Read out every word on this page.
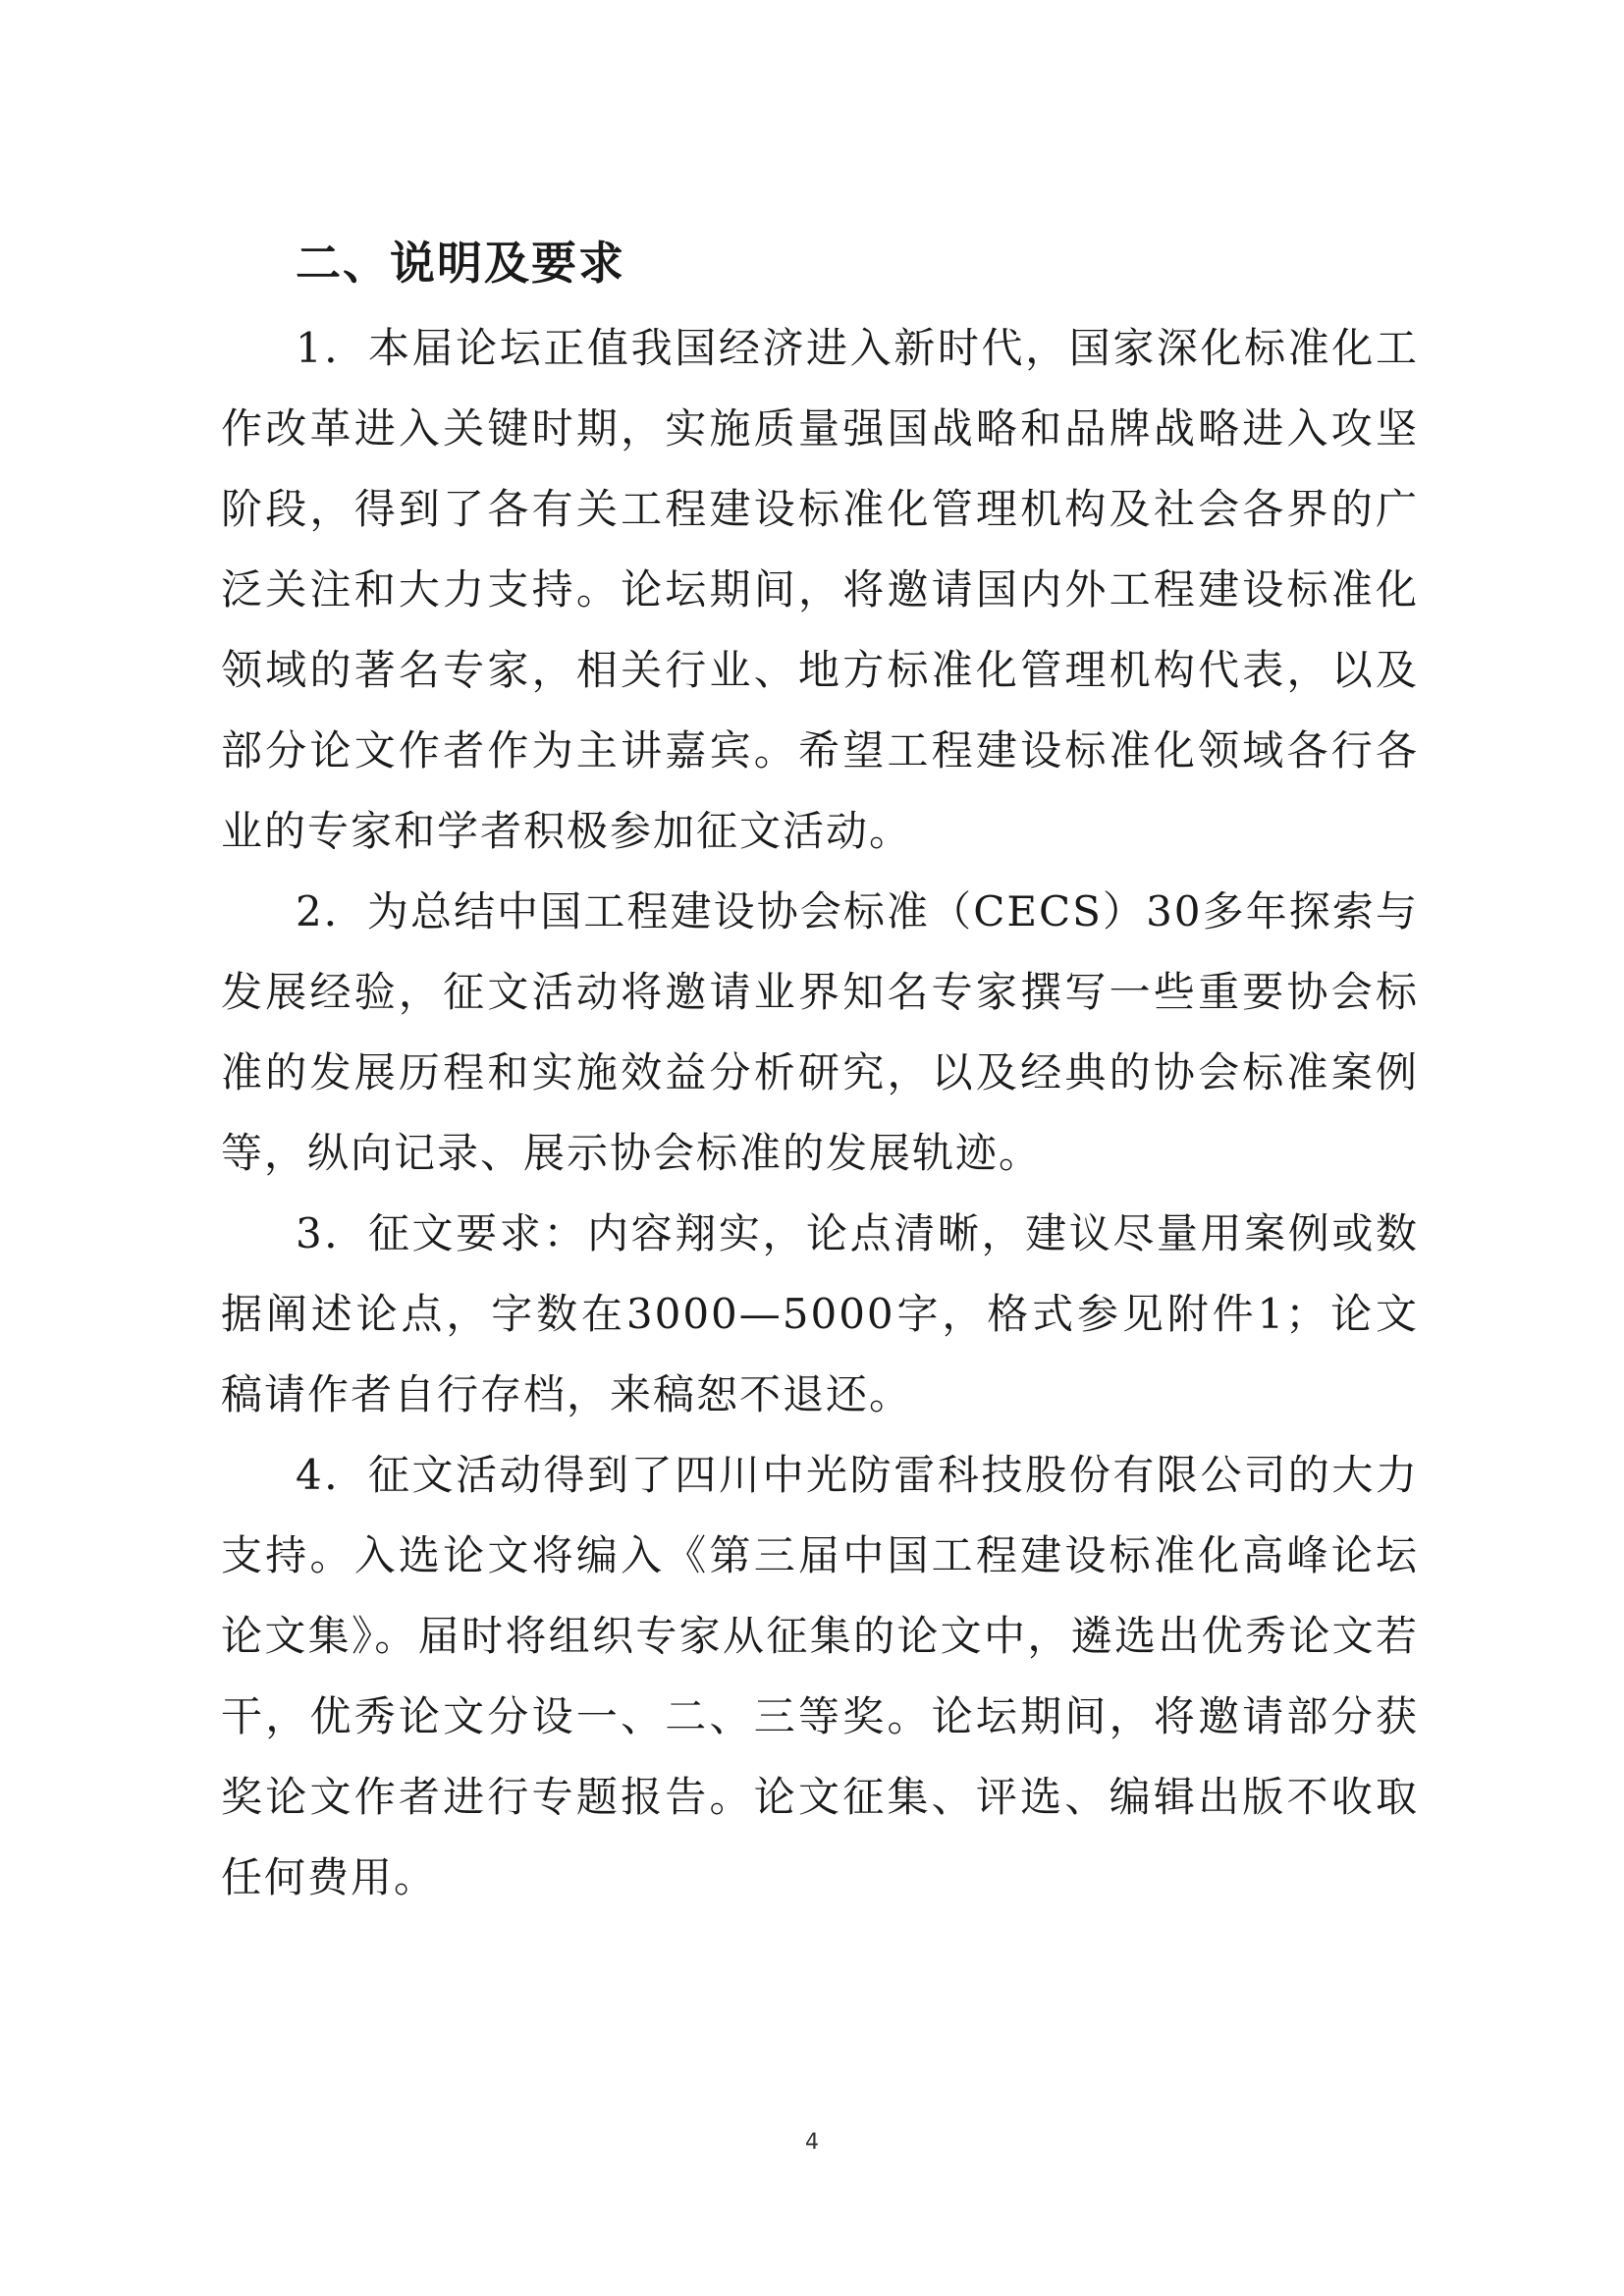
二、说明及要求

1．本届论坛正值我国经济进入新时代，国家深化标准化工作改革进入关键时期，实施质量强国战略和品牌战略进入攻坚阶段，得到了各有关工程建设标准化管理机构及社会各界的广泛关注和大力支持。论坛期间，将邀请国内外工程建设标准化领域的著名专家，相关行业、地方标准化管理机构代表，以及部分论文作者作为主讲嘉宾。希望工程建设标准化领域各行各业的专家和学者积极参加征文活动。

2．为总结中国工程建设协会标准（CECS）30多年探索与发展经验，征文活动将邀请业界知名专家撰写一些重要协会标准的发展历程和实施效益分析研究，以及经典的协会标准案例等，纵向记录、展示协会标准的发展轨迹。

3．征文要求：内容翔实，论点清晰，建议尽量用案例或数据阐述论点，字数在3000—5000字，格式参见附件1；论文稿请作者自行存档，来稿恕不退还。

4．征文活动得到了四川中光防雷科技股份有限公司的大力支持。入选论文将编入《第三届中国工程建设标准化高峰论坛论文集》。届时将组织专家从征集的论文中，遴选出优秀论文若干，优秀论文分设一、二、三等奖。论坛期间，将邀请部分获奖论文作者进行专题报告。论文征集、评选、编辑出版不收取任何费用。

4
